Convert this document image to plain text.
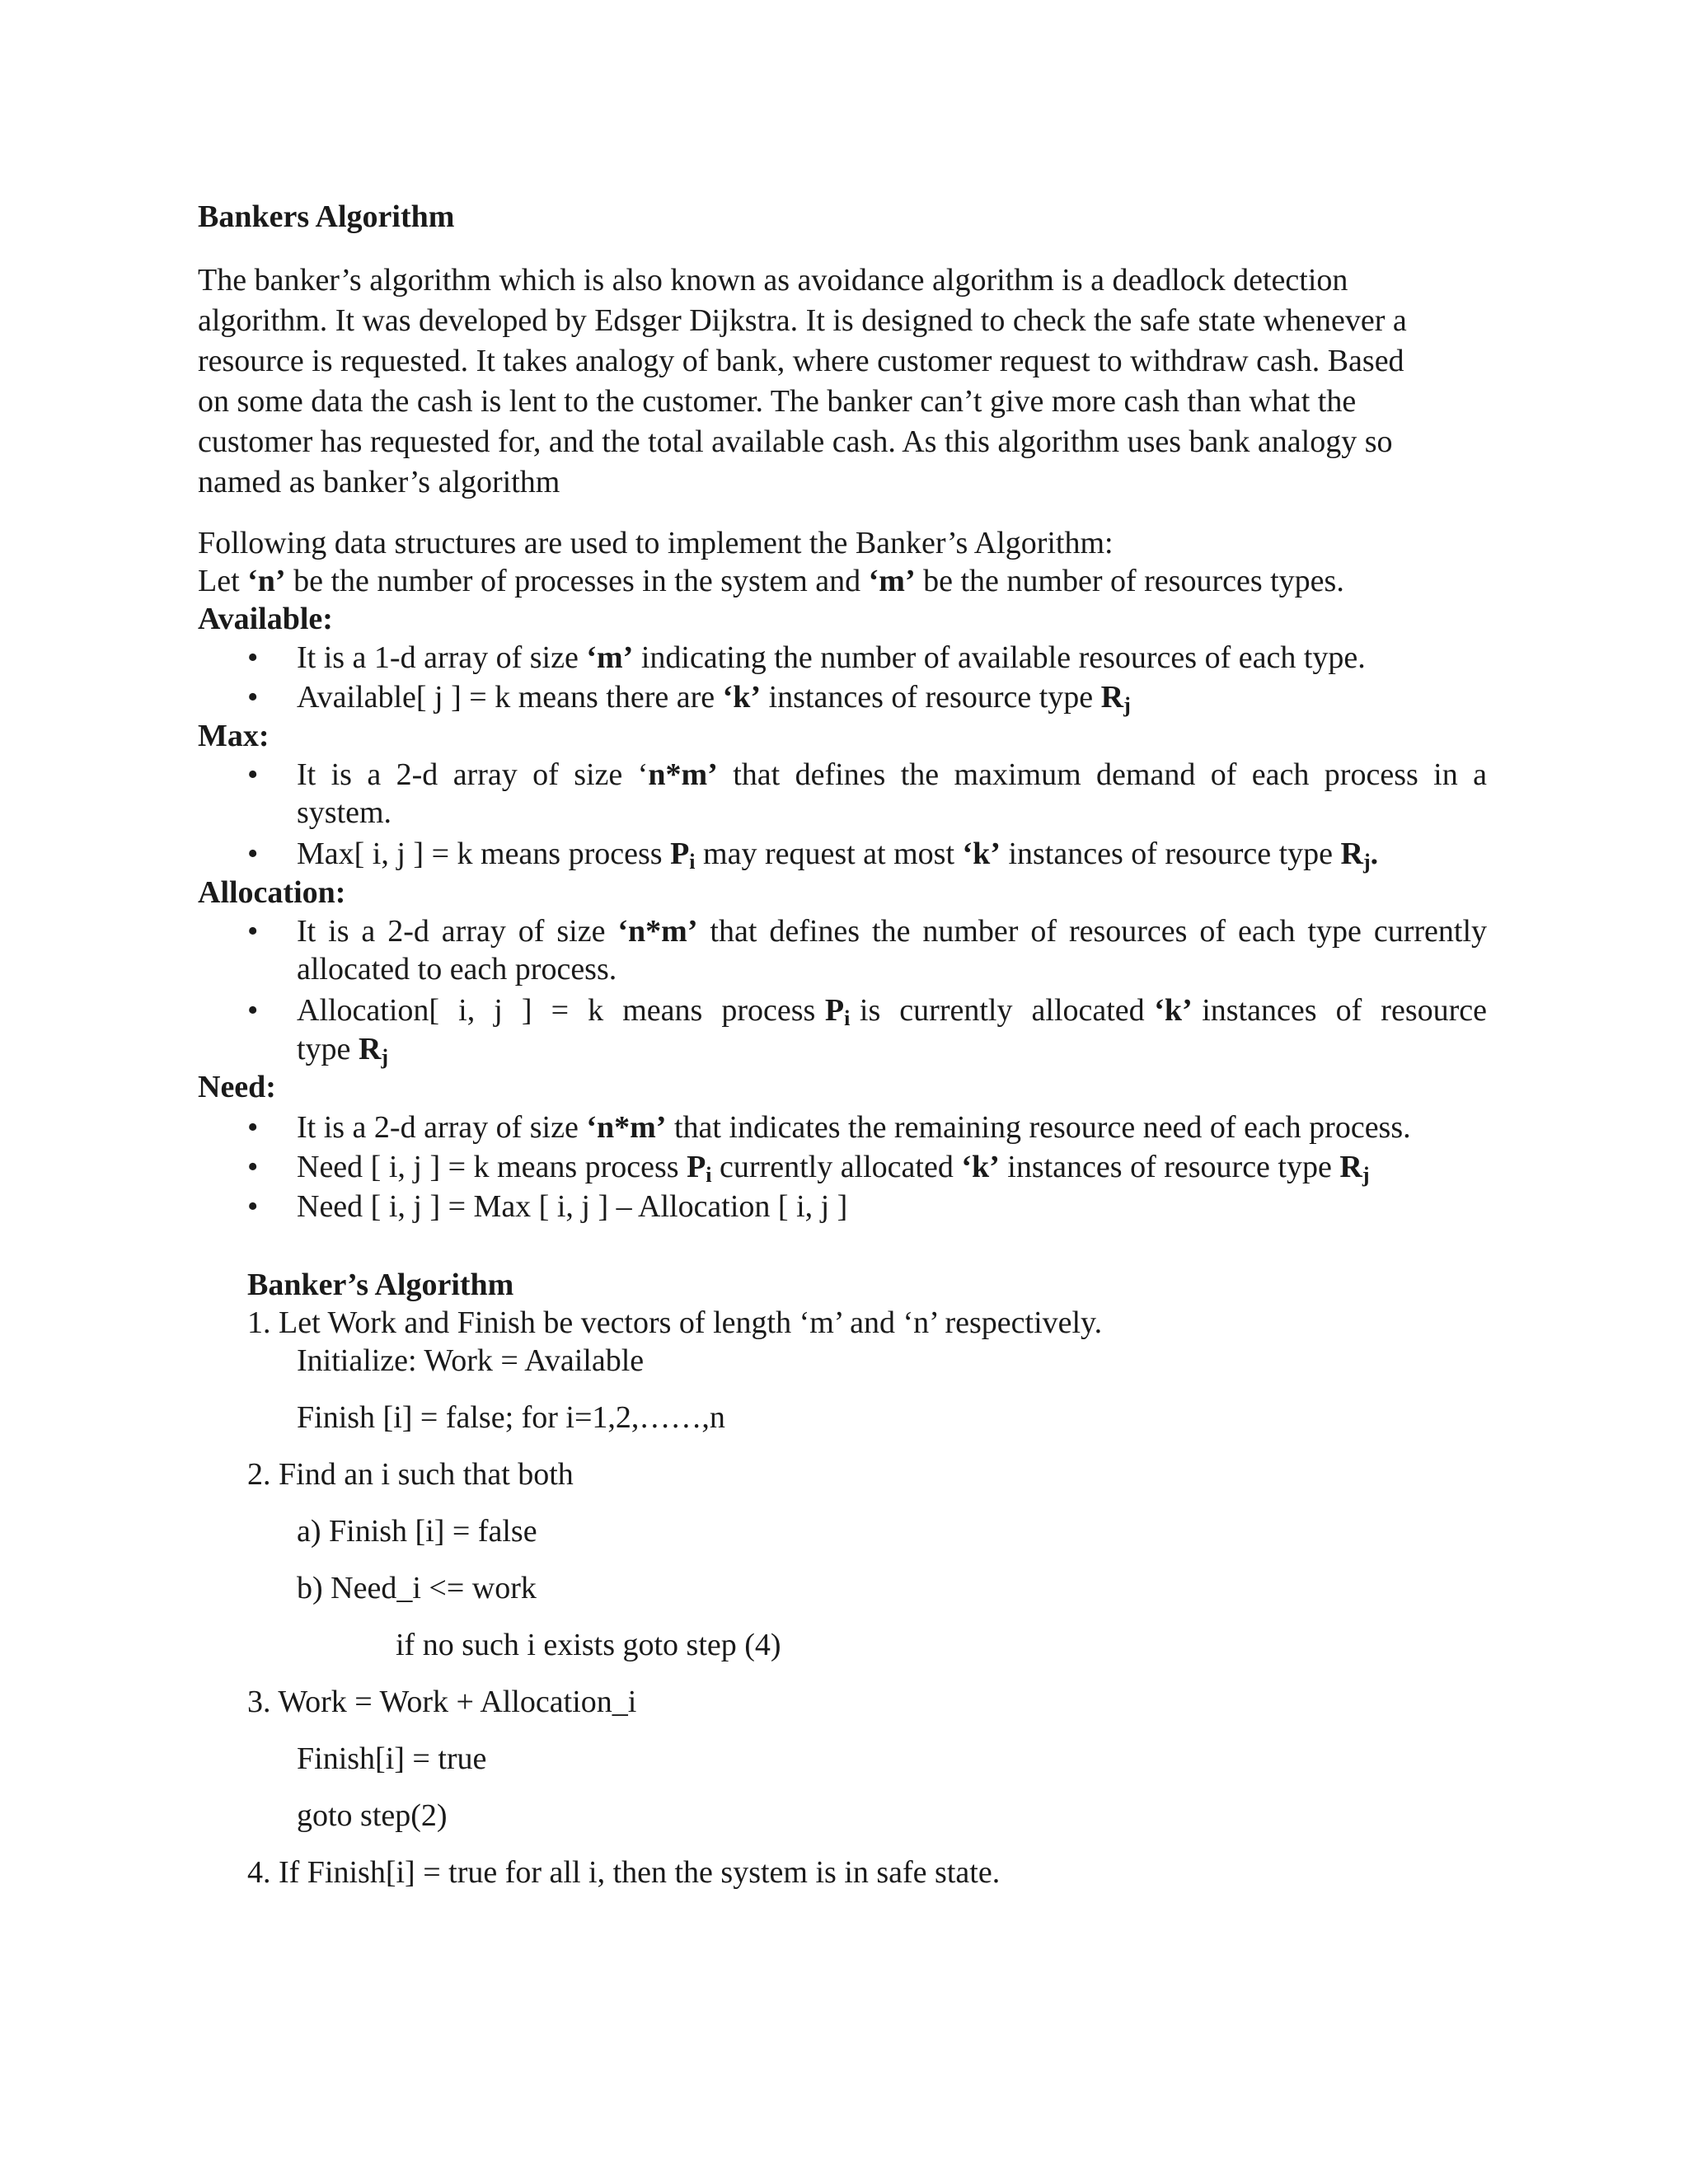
Bankers Algorithm
The banker’s algorithm which is also known as avoidance algorithm is a deadlock detection
algorithm. It was developed by Edsger Dijkstra. It is designed to check the safe state whenever a
resource is requested. It takes analogy of bank, where customer request to withdraw cash. Based
on some data the cash is lent to the customer. The banker can’t give more cash than what the
customer has requested for, and the total available cash. As this algorithm uses bank analogy so
named as banker’s algorithm
Following data structures are used to implement the Banker’s Algorithm:
Let ‘n’ be the number of processes in the system and ‘m’ be the number of resources types.
Available:
• It is a 1-d array of size ‘m’ indicating the number of available resources of each type.
• Available[ j ] = k means there are ‘k’ instances of resource type $R_j$
Max:
• It is a 2-d array of size ‘n*m’ that defines the maximum demand of each process in a
system.
• Max[ i, j ] = k means process $P_i$ may request at most ‘k’ instances of resource type $R_j$.
Allocation:
• It is a 2-d array of size ‘n*m’ that defines the number of resources of each type currently
allocated to each process.
• Allocation[  i,  j  ]  =  k  means  process $P_i$ is  currently  allocated ‘k’ instances  of  resource
type $R_j$
Need:
• It is a 2-d array of size ‘n*m’ that indicates the remaining resource need of each process.
• Need [ i, j ] = k means process $P_i$ currently allocated ‘k’ instances of resource type $R_j$
• Need [ i, j ] = Max [ i, j ] – Allocation [ i, j ]
Banker’s Algorithm
1. Let Work and Finish be vectors of length ‘m’ and ‘n’ respectively.
Initialize: Work = Available
Finish [i] = false; for i=1,2,……,n
2. Find an i such that both
a) Finish [i] = false
b) Need_i <= work
if no such i exists goto step (4)
3. Work = Work + Allocation_i
Finish[i] = true
goto step(2)
4. If Finish[i] = true for all i, then the system is in safe state.
